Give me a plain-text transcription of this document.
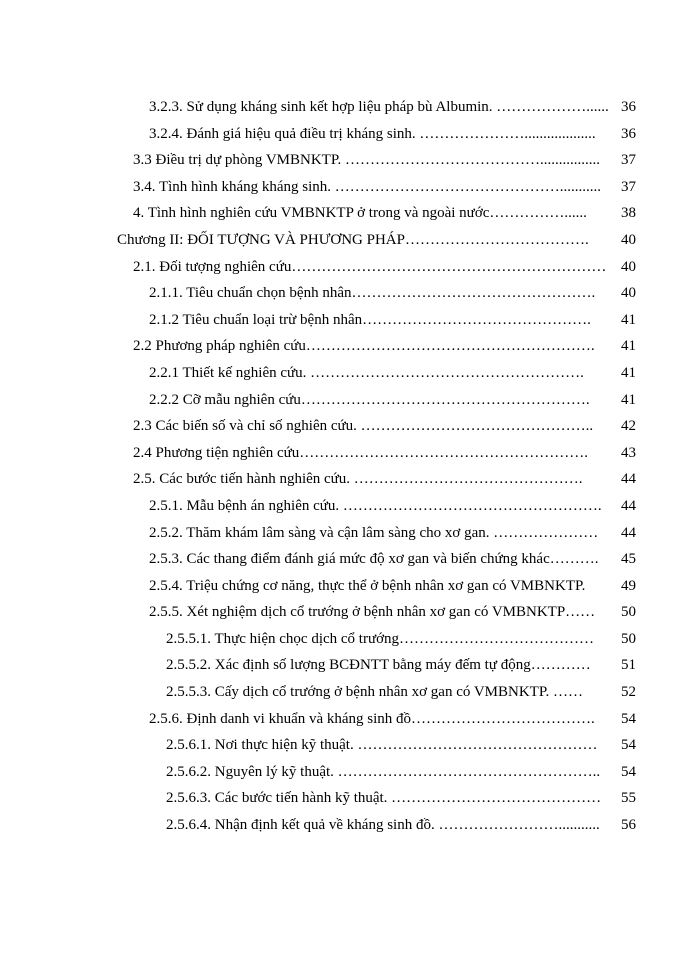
3.2.3. Sử dụng kháng sinh kết hợp liệu pháp bù Albumin. ………………...... 36
3.2.4. Đánh giá hiệu quả điều trị kháng sinh. …………………...................	36
3.3 Điều trị dự phòng VMBNKTP. …………………………………................	37
3.4. Tình hình kháng kháng sinh. ………………………………………...........	37
4. Tình hình nghiên cứu VMBNKTP ở trong và ngoài nước……………......	38
Chương II: ĐỐI TƯỢNG VÀ PHƯƠNG PHÁP……………………………….	40
2.1. Đối tượng nghiên cứu……………………………………………………… 40
2.1.1. Tiêu chuẩn chọn bệnh nhân………………………………………….	40
2.1.2 Tiêu chuẩn loại trừ bệnh nhân……………………………………….	41
2.2 Phương pháp nghiên cứu………………………………………………….	41
2.2.1 Thiết kế nghiên cứu. ……………………………………………….	41
2.2.2 Cỡ mẫu nghiên cứu………………………………………………….	41
2.3 Các biến số và chỉ số nghiên cứu. ………………………………………..	42
2.4 Phương tiện nghiên cứu………………………………………………….	43
2.5. Các bước tiến hành nghiên cứu. ……………………………………….	44
2.5.1. Mẫu bệnh án nghiên cứu. …………………………………………….	44
2.5.2. Thăm khám lâm sàng và cận lâm sàng cho xơ gan. …………………	44
2.5.3. Các thang điểm đánh giá mức độ xơ gan và biến chứng khác……….	45
2.5.4. Triệu chứng cơ năng, thực thể ở bệnh nhân xơ gan có VMBNKTP.	49
2.5.5. Xét nghiệm dịch cổ trướng ở bệnh nhân xơ gan có VMBNKTP……	50
2.5.5.1. Thực hiện chọc dịch cổ trướng…………………………………	50
2.5.5.2. Xác định số lượng BCĐNTT bằng máy đếm tự động…………	51
2.5.5.3. Cấy dịch cổ trướng ở bệnh nhân xơ gan có VMBNKTP. ……	52
2.5.6. Định danh vi khuẩn và kháng sinh đồ……………………………….	54
2.5.6.1. Nơi thực hiện kỹ thuật. …………………………………………	54
2.5.6.2. Nguyên lý kỹ thuật. ……………………………………………..	54
2.5.6.3. Các bước tiến hành kỹ thuật. ……………………………………	55
2.5.6.4. Nhận định kết quả về kháng sinh đồ. ……………………...........	56
